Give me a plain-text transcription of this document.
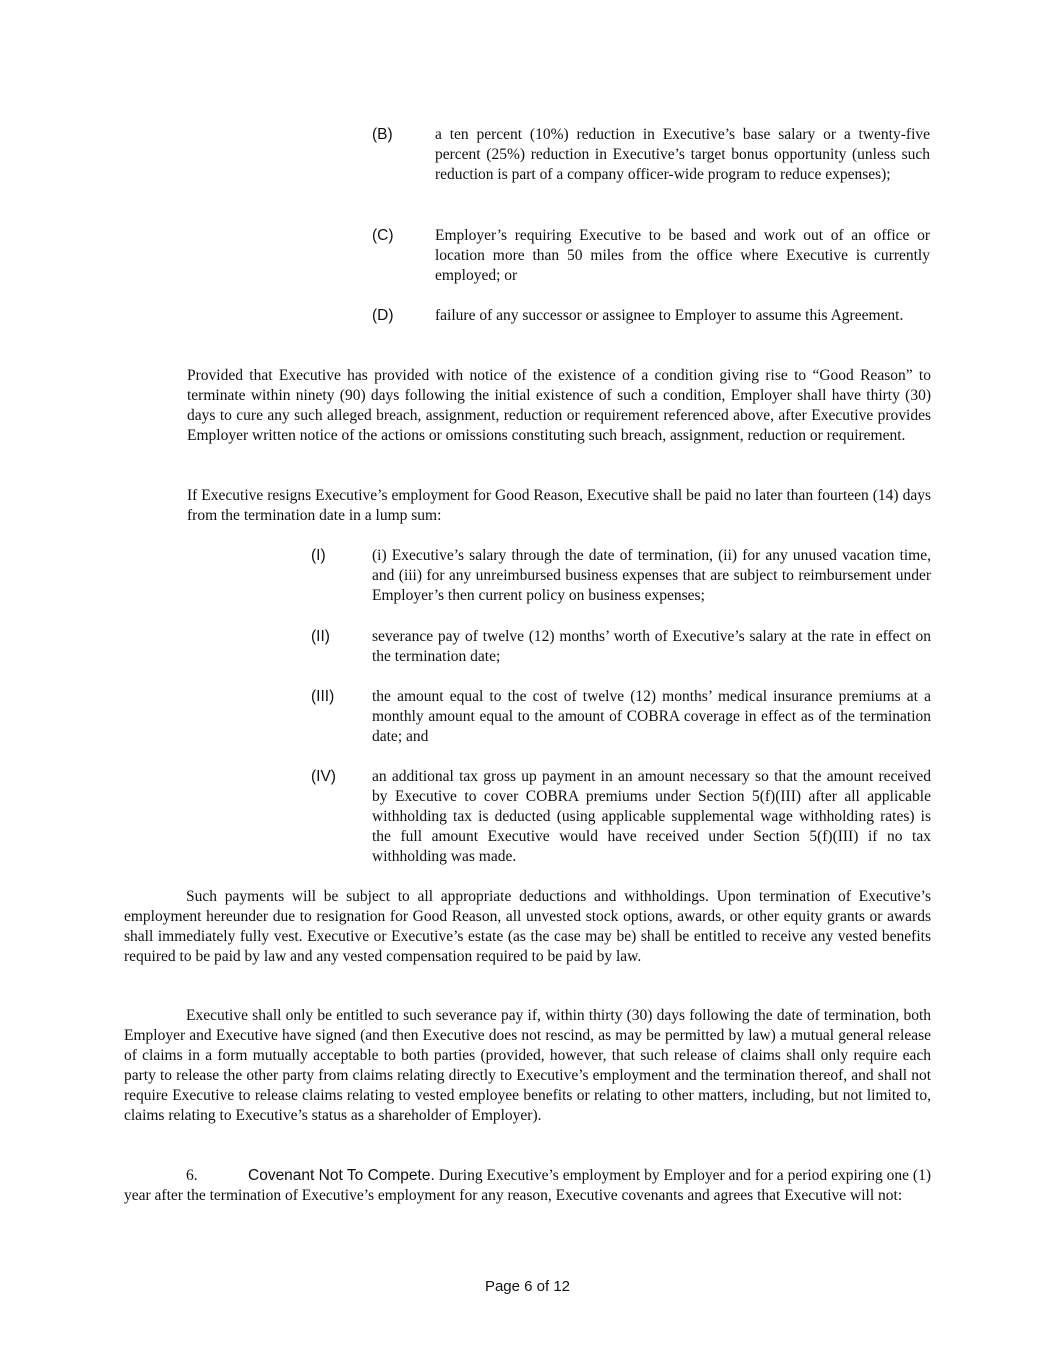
(B)	a ten percent (10%) reduction in Executive’s base salary or a twenty-five percent (25%) reduction in Executive’s target bonus opportunity (unless such reduction is part of a company officer-wide program to reduce expenses);
(C)	Employer’s requiring Executive to be based and work out of an office or location more than 50 miles from the office where Executive is currently employed; or
(D)	failure of any successor or assignee to Employer to assume this Agreement.

Provided that Executive has provided with notice of the existence of a condition giving rise to “Good Reason” to terminate within ninety (90) days following the initial existence of such a condition, Employer shall have thirty (30) days to cure any such alleged breach, assignment, reduction or requirement referenced above, after Executive provides Employer written notice of the actions or omissions constituting such breach, assignment, reduction or requirement.

If Executive resigns Executive’s employment for Good Reason, Executive shall be paid no later than fourteen (14) days from the termination date in a lump sum:

(I)	(i) Executive’s salary through the date of termination, (ii) for any unused vacation time, and (iii) for any unreimbursed business expenses that are subject to reimbursement under Employer’s then current policy on business expenses;
(II)	severance pay of twelve (12) months’ worth of Executive’s salary at the rate in effect on the termination date;
(III) the amount equal to the cost of twelve (12) months’ medical insurance premiums at a monthly amount equal to the amount of COBRA coverage in effect as of the termination date; and
(IV) an additional tax gross up payment in an amount necessary so that the amount received by Executive to cover COBRA premiums under Section 5(f)(III) after all applicable withholding tax is deducted (using applicable supplemental wage withholding rates) is the full amount Executive would have received under Section 5(f)(III) if no tax withholding was made.

Such payments will be subject to all appropriate deductions and withholdings. Upon termination of Executive’s employment hereunder due to resignation for Good Reason, all unvested stock options, awards, or other equity grants or awards shall immediately fully vest. Executive or Executive’s estate (as the case may be) shall be entitled to receive any vested benefits required to be paid by law and any vested compensation required to be paid by law.

Executive shall only be entitled to such severance pay if, within thirty (30) days following the date of termination, both Employer and Executive have signed (and then Executive does not rescind, as may be permitted by law) a mutual general release of claims in a form mutually acceptable to both parties (provided, however, that such release of claims shall only require each party to release the other party from claims relating directly to Executive’s employment and the termination thereof, and shall not require Executive to release claims relating to vested employee benefits or relating to other matters, including, but not limited to, claims relating to Executive’s status as a shareholder of Employer).

6.	Covenant Not To Compete. During Executive’s employment by Employer and for a period expiring one (1) year after the termination of Executive’s employment for any reason, Executive covenants and agrees that Executive will not:

Page 6 of 12
